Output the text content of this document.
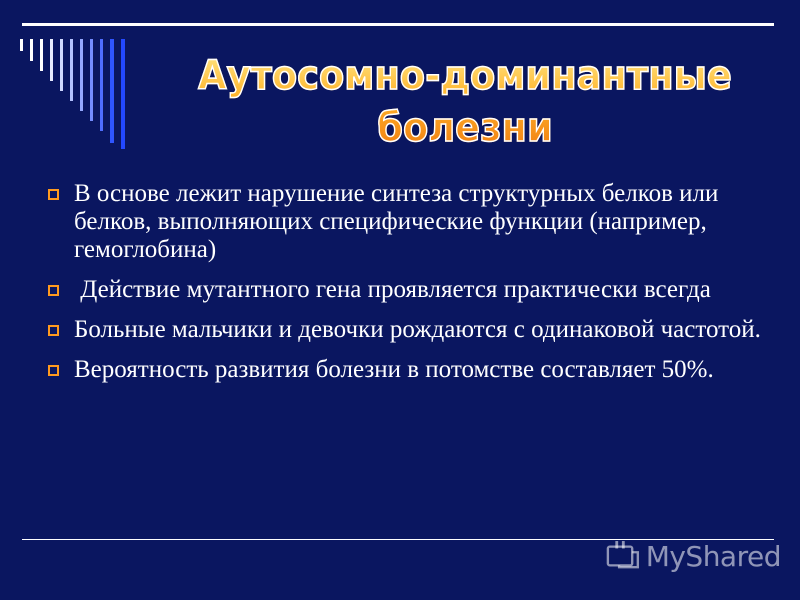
Аутосомно-доминантные
болезни
В основе лежит нарушение синтеза структурных белков или белков, выполняющих специфические функции (например, гемоглобина)
Действие мутантного гена проявляется практически всегда
Больные мальчики и девочки рождаются с одинаковой частотой.
Вероятность развития болезни в потомстве составляет 50%.
MyShared
